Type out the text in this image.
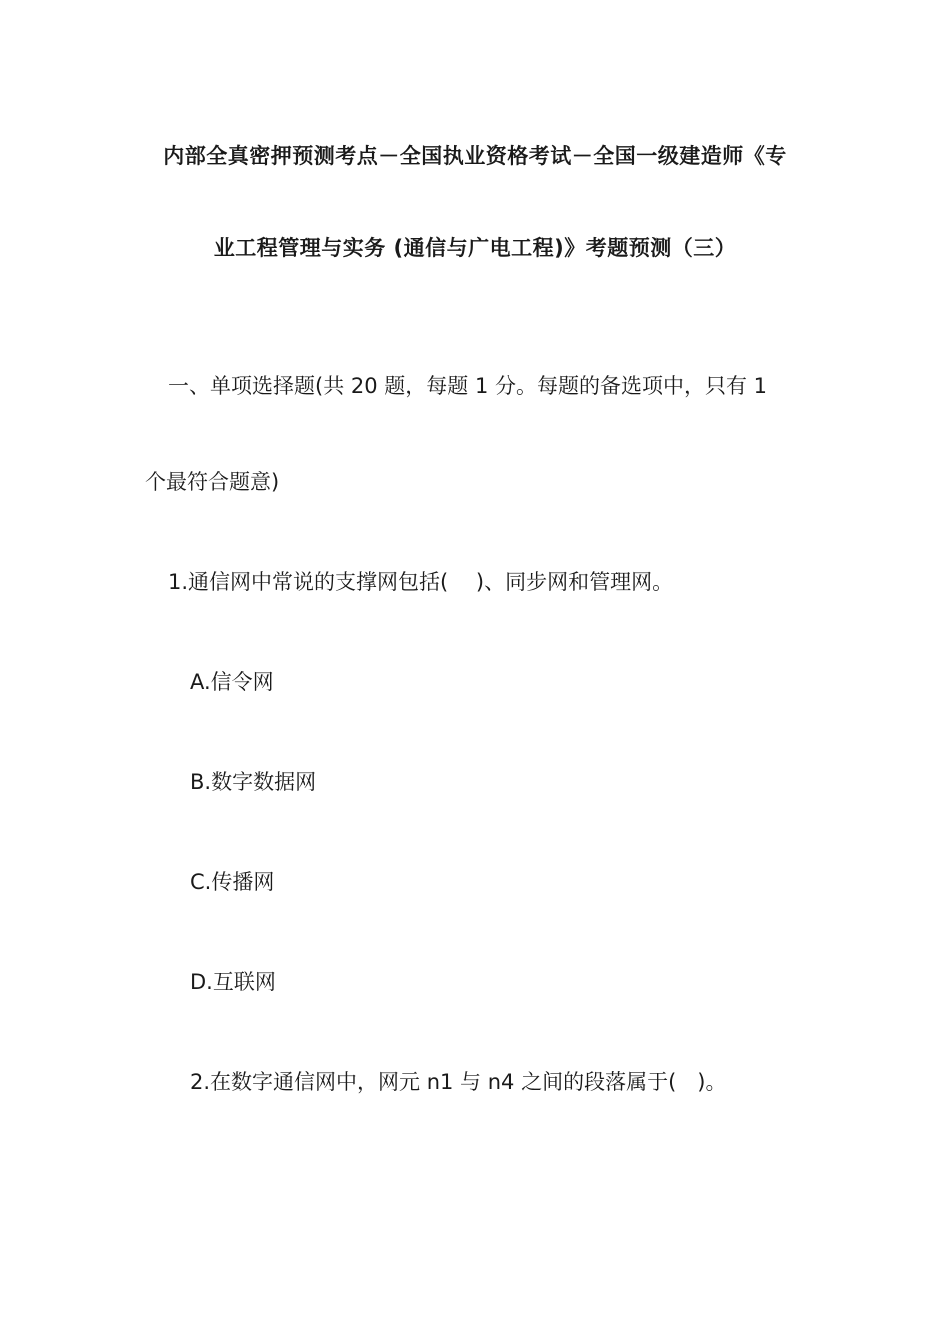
内部全真密押预测考点－全国执业资格考试－全国一级建造师《专
业工程管理与实务 (通信与广电工程)》考题预测（三）
一、单项选择题(共 20 题，每题 1 分。每题的备选项中，只有 1
个最符合题意)
1.通信网中常说的支撑网包括(　 )、同步网和管理网。
A.信令网
B.数字数据网
C.传播网
D.互联网
2.在数字通信网中，网元 n1 与 n4 之间的段落属于(　)。
